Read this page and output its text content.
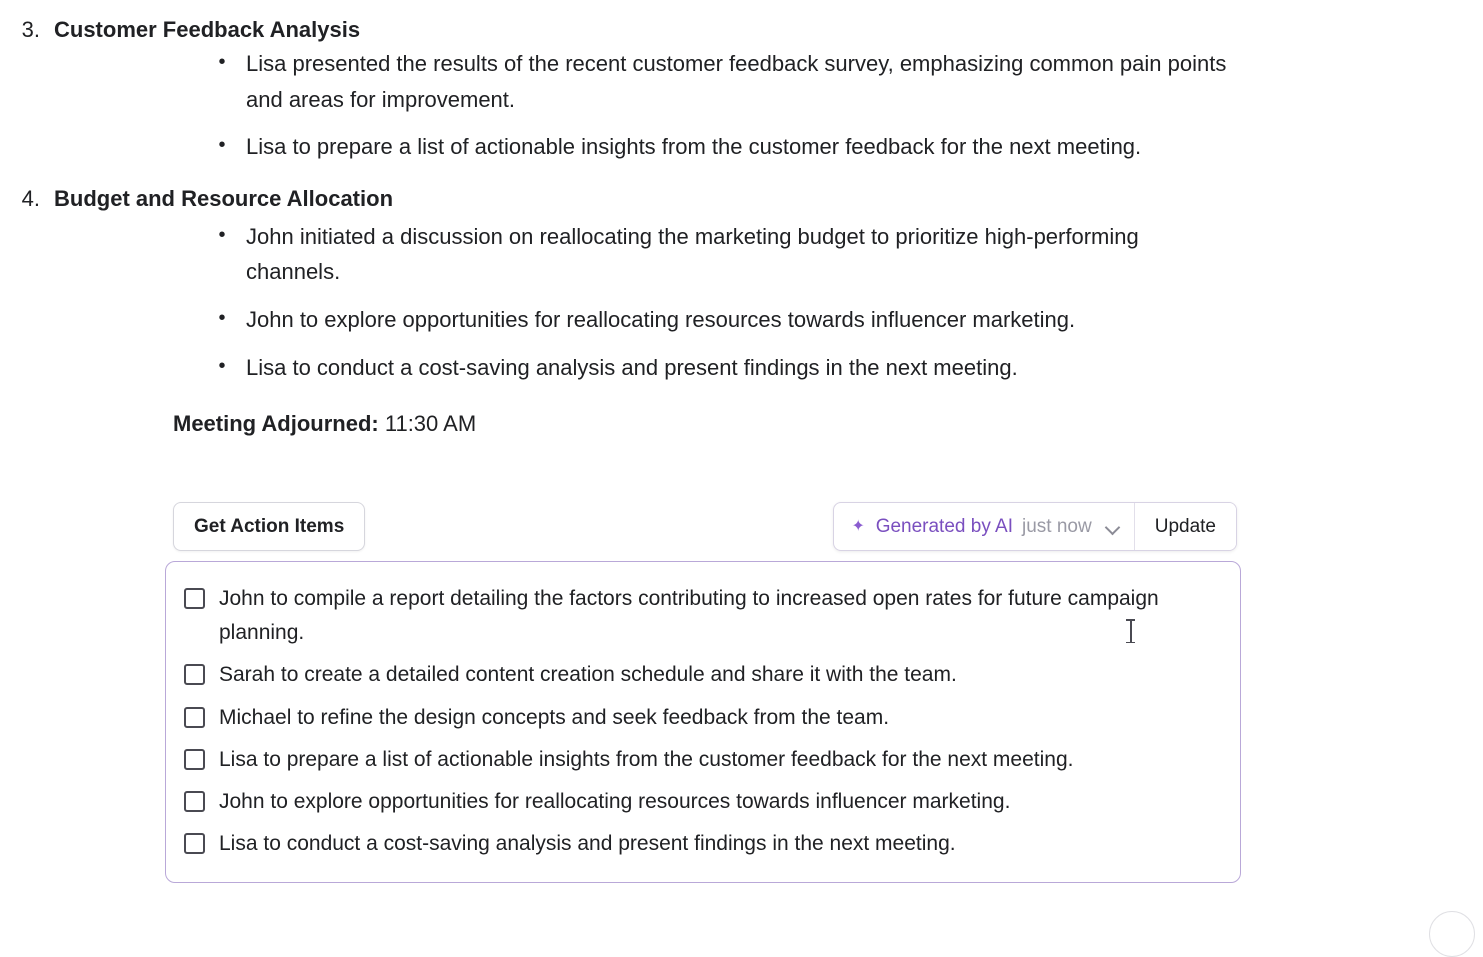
3. Customer Feedback Analysis
• Lisa presented the results of the recent customer feedback survey, emphasizing common pain points and areas for improvement.
• Lisa to prepare a list of actionable insights from the customer feedback for the next meeting.
4. Budget and Resource Allocation
• John initiated a discussion on reallocating the marketing budget to prioritize high-performing channels.
• John to explore opportunities for reallocating resources towards influencer marketing.
• Lisa to conduct a cost-saving analysis and present findings in the next meeting.
Meeting Adjourned: 11:30 AM
Get Action Items	✦ Generated by AI just now	Update
John to compile a report detailing the factors contributing to increased open rates for future campaign planning.
Sarah to create a detailed content creation schedule and share it with the team.
Michael to refine the design concepts and seek feedback from the team.
Lisa to prepare a list of actionable insights from the customer feedback for the next meeting.
John to explore opportunities for reallocating resources towards influencer marketing.
Lisa to conduct a cost-saving analysis and present findings in the next meeting.
